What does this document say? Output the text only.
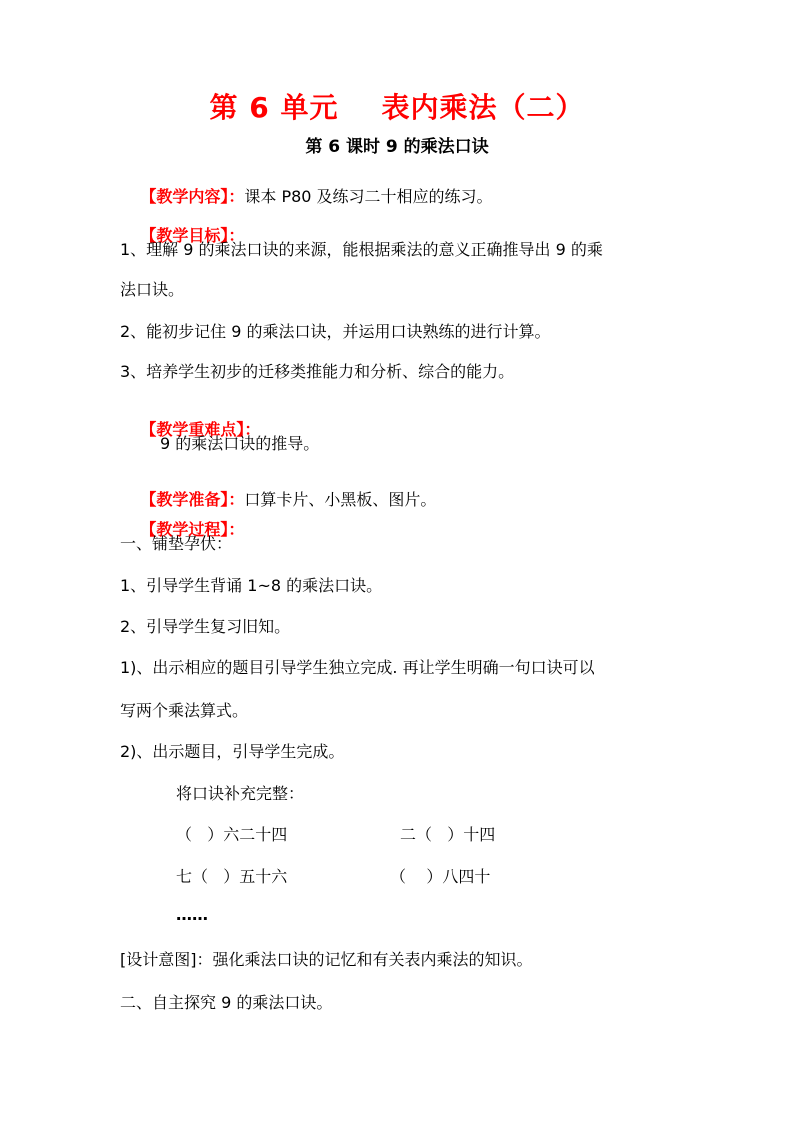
第 6 单元    表内乘法（二）
第 6 课时 9 的乘法口诀

【教学内容】：课本 P80 及练习二十相应的练习。

【教学目标】：

1、理解 9 的乘法口诀的来源，能根据乘法的意义正确推导出 9 的乘
法口诀。
2、能初步记住 9 的乘法口诀，并运用口诀熟练的进行计算。
3、培养学生初步的迁移类推能力和分析、综合的能力。

【教学重难点】：

9 的乘法口诀的推导。

【教学准备】：口算卡片、小黑板、图片。

【教学过程】：

一、铺垫孕伏：
1、引导学生背诵 1~8 的乘法口诀。
2、引导学生复习旧知。
1)、出示相应的题目引导学生独立完成. 再让学生明确一句口诀可以
写两个乘法算式。
2)、出示题目，引导学生完成。
将口诀补充完整：
（   ）六二十四	二（   ）十四
七（   ）五十六	（    ）八四十
……
[设计意图]：强化乘法口诀的记忆和有关表内乘法的知识。
二、自主探究 9 的乘法口诀。
